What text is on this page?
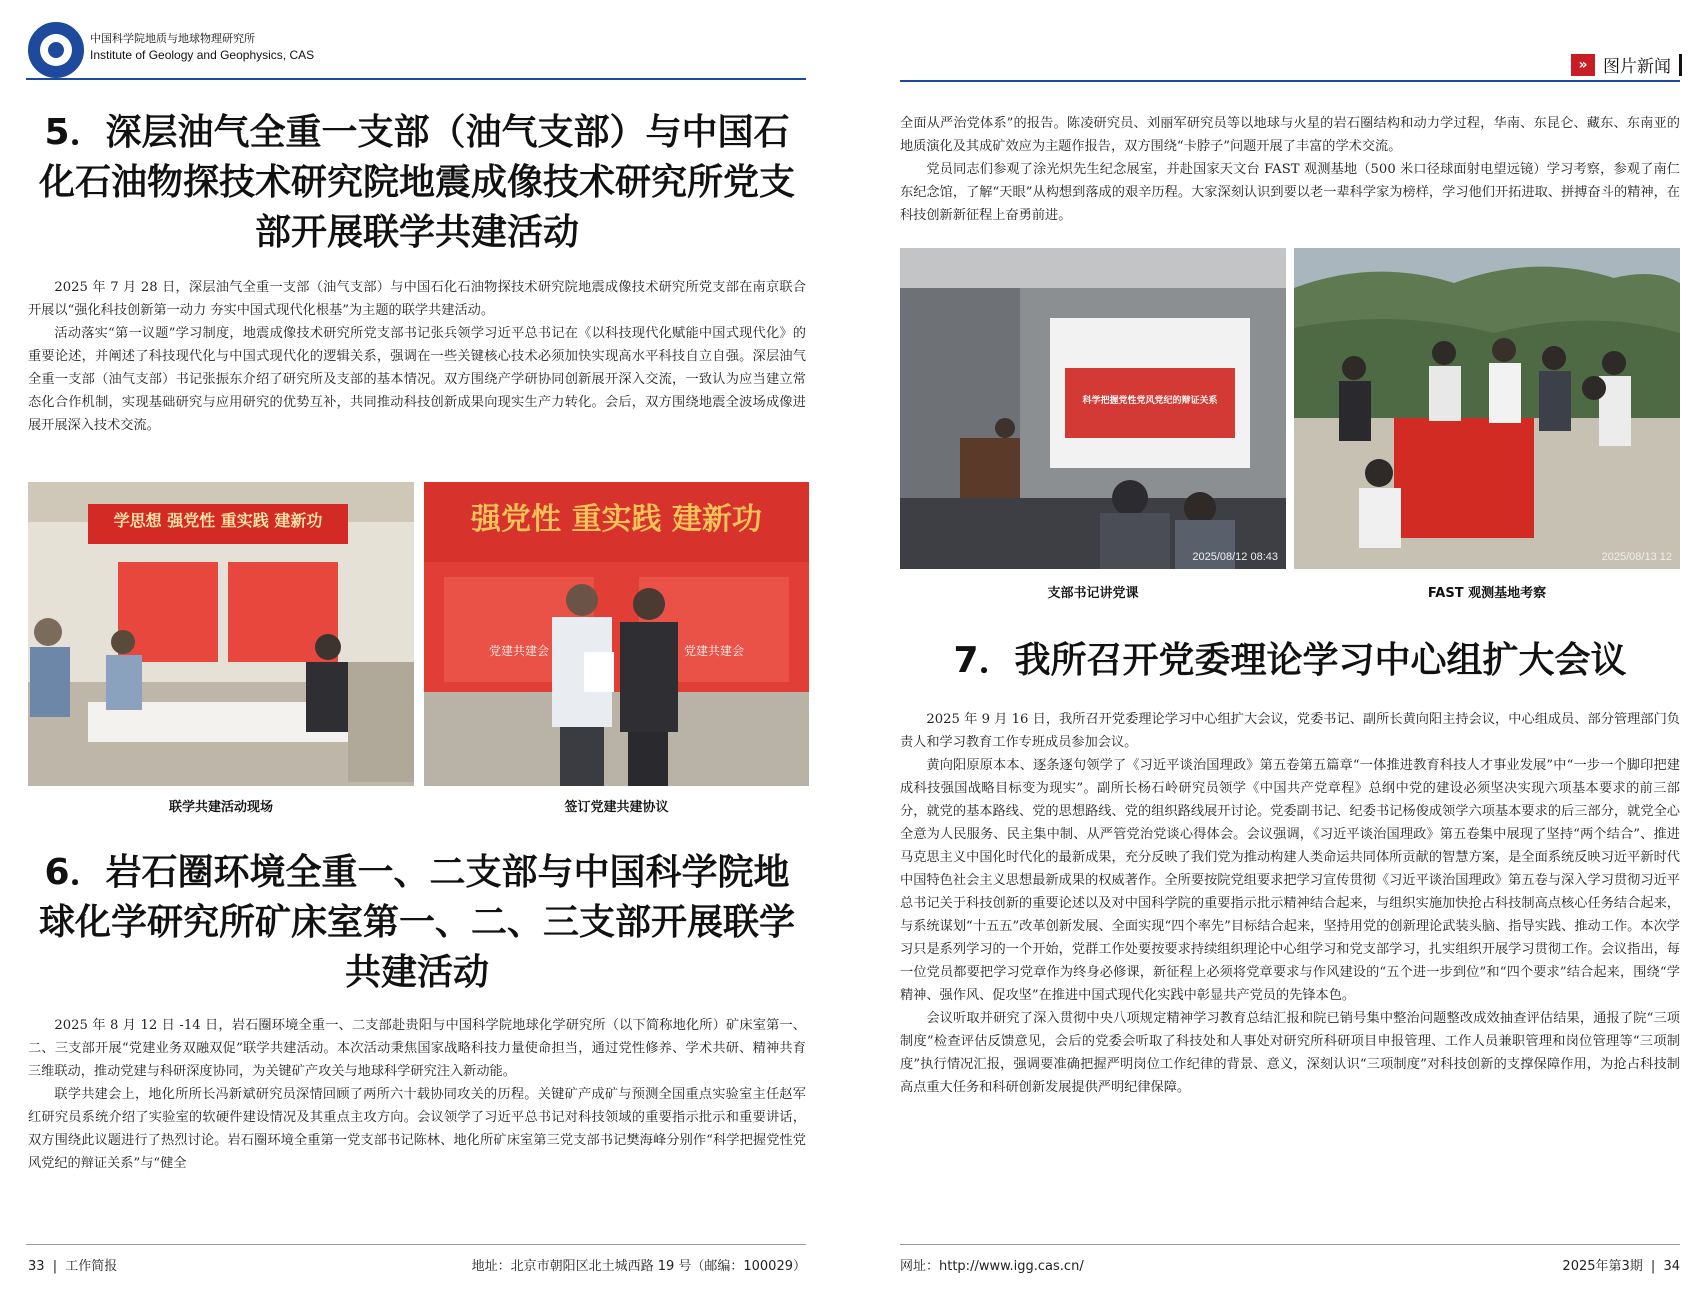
中国科学院地质与地球物理研究所
Institute of Geology and Geophysics, CAS
5．深层油气全重一支部（油气支部）与中国石化石油物探技术研究院地震成像技术研究所党支部开展联学共建活动

2025 年 7 月 28 日，深层油气全重一支部（油气支部）与中国石化石油物探技术研究院地震成像技术研究所党支部在南京联合开展以“强化科技创新第一动力 夯实中国式现代化根基”为主题的联学共建活动。

活动落实“第一议题”学习制度，地震成像技术研究所党支部书记张兵领学习近平总书记在《以科技现代化赋能中国式现代化》的重要论述，并阐述了科技现代化与中国式现代化的逻辑关系，强调在一些关键核心技术必须加快实现高水平科技自立自强。深层油气全重一支部（油气支部）书记张振东介绍了研究所及支部的基本情况。双方围绕产学研协同创新展开深入交流，一致认为应当建立常态化合作机制，实现基础研究与应用研究的优势互补，共同推动科技创新成果向现实生产力转化。会后，双方围绕地震全波场成像进展开展深入技术交流。

学思想 强党性 重实践 建新功
联学共建活动现场
强党性 重实践 建新功
党建共建会	党建共建会
签订党建共建协议
6．岩石圈环境全重一、二支部与中国科学院地球化学研究所矿床室第一、二、三支部开展联学共建活动

2025 年 8 月 12 日 -14 日，岩石圈环境全重一、二支部赴贵阳与中国科学院地球化学研究所（以下简称地化所）矿床室第一、二、三支部开展“党建业务双融双促”联学共建活动。本次活动秉焦国家战略科技力量使命担当，通过党性修养、学术共研、精神共育三维联动，推动党建与科研深度协同，为关键矿产攻关与地球科学研究注入新动能。

联学共建会上，地化所所长冯新斌研究员深情回顾了两所六十载协同攻关的历程。关键矿产成矿与预测全国重点实验室主任赵军红研究员系统介绍了实验室的软硬件建设情况及其重点主攻方向。会议领学了习近平总书记对科技领域的重要指示批示和重要讲话，双方围绕此议题进行了热烈讨论。岩石圈环境全重第一党支部书记陈林、地化所矿床室第三党支部书记樊海峰分别作“科学把握党性党风党纪的辩证关系”与“健全

33 | 工作简报	地址：北京市朝阳区北土城西路 19 号（邮编：100029）
» 图片新闻

全面从严治党体系”的报告。陈凌研究员、刘丽军研究员等以地球与火星的岩石圈结构和动力学过程，华南、东昆仑、藏东、东南亚的地质演化及其成矿效应为主题作报告，双方围绕“卡脖子”问题开展了丰富的学术交流。

党员同志们参观了涂光炽先生纪念展室，并赴国家天文台 FAST 观测基地（500 米口径球面射电望远镜）学习考察，参观了南仁东纪念馆，了解“天眼”从构想到落成的艰辛历程。大家深刻认识到要以老一辈科学家为榜样，学习他们开拓进取、拼搏奋斗的精神，在科技创新新征程上奋勇前进。

科学把握党性党风党纪的辩证关系
2025/08/12 08:43
支部书记讲党课
2025/08/13 12
FAST 观测基地考察
7．我所召开党委理论学习中心组扩大会议

2025 年 9 月 16 日，我所召开党委理论学习中心组扩大会议，党委书记、副所长黄向阳主持会议，中心组成员、部分管理部门负责人和学习教育工作专班成员参加会议。

黄向阳原原本本、逐条逐句领学了《习近平谈治国理政》第五卷第五篇章“一体推进教育科技人才事业发展”中“一步一个脚印把建成科技强国战略目标变为现实”。副所长杨石岭研究员领学《中国共产党章程》总纲中党的建设必须坚决实现六项基本要求的前三部分，就党的基本路线、党的思想路线、党的组织路线展开讨论。党委副书记、纪委书记杨俊成领学六项基本要求的后三部分，就党全心全意为人民服务、民主集中制、从严管党治党谈心得体会。会议强调，《习近平谈治国理政》第五卷集中展现了坚持“两个结合”、推进马克思主义中国化时代化的最新成果，充分反映了我们党为推动构建人类命运共同体所贡献的智慧方案，是全面系统反映习近平新时代中国特色社会主义思想最新成果的权威著作。全所要按院党组要求把学习宣传贯彻《习近平谈治国理政》第五卷与深入学习贯彻习近平总书记关于科技创新的重要论述以及对中国科学院的重要指示批示精神结合起来，与组织实施加快抢占科技制高点核心任务结合起来，与系统谋划“十五五”改革创新发展、全面实现“四个率先”目标结合起来，坚持用党的创新理论武装头脑、指导实践、推动工作。本次学习只是系列学习的一个开始，党群工作处要按要求持续组织理论中心组学习和党支部学习，扎实组织开展学习贯彻工作。会议指出，每一位党员都要把学习党章作为终身必修课，新征程上必须将党章要求与作风建设的“五个进一步到位”和“四个要求”结合起来，围绕“学精神、强作风、促攻坚”在推进中国式现代化实践中彰显共产党员的先锋本色。

会议听取并研究了深入贯彻中央八项规定精神学习教育总结汇报和院已销号集中整治问题整改成效抽查评估结果，通报了院“三项制度”检查评估反馈意见，会后的党委会听取了科技处和人事处对研究所科研项目申报管理、工作人员兼职管理和岗位管理等“三项制度”执行情况汇报，强调要准确把握严明岗位工作纪律的背景、意义，深刻认识“三项制度”对科技创新的支撑保障作用，为抢占科技制高点重大任务和科研创新发展提供严明纪律保障。

网址：http://www.igg.cas.cn/	2025年第3期 | 34
